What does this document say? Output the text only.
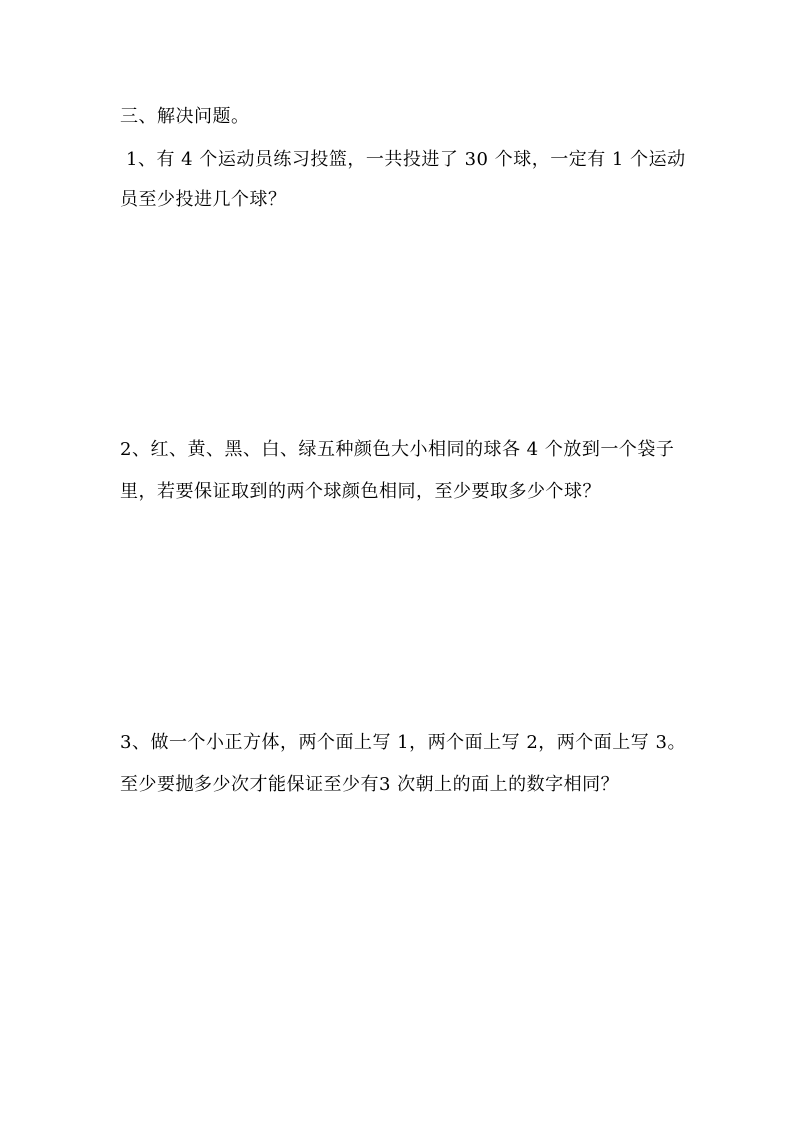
三、解决问题。
1、有 4 个运动员练习投篮，一共投进了 30 个球，一定有 1 个运动
员至少投进几个球？
2、红、黄、黑、白、绿五种颜色大小相同的球各 4 个放到一个袋子
里，若要保证取到的两个球颜色相同，至少要取多少个球？
3、做一个小正方体，两个面上写 1，两个面上写 2，两个面上写 3。
至少要抛多少次才能保证至少有3 次朝上的面上的数字相同？
